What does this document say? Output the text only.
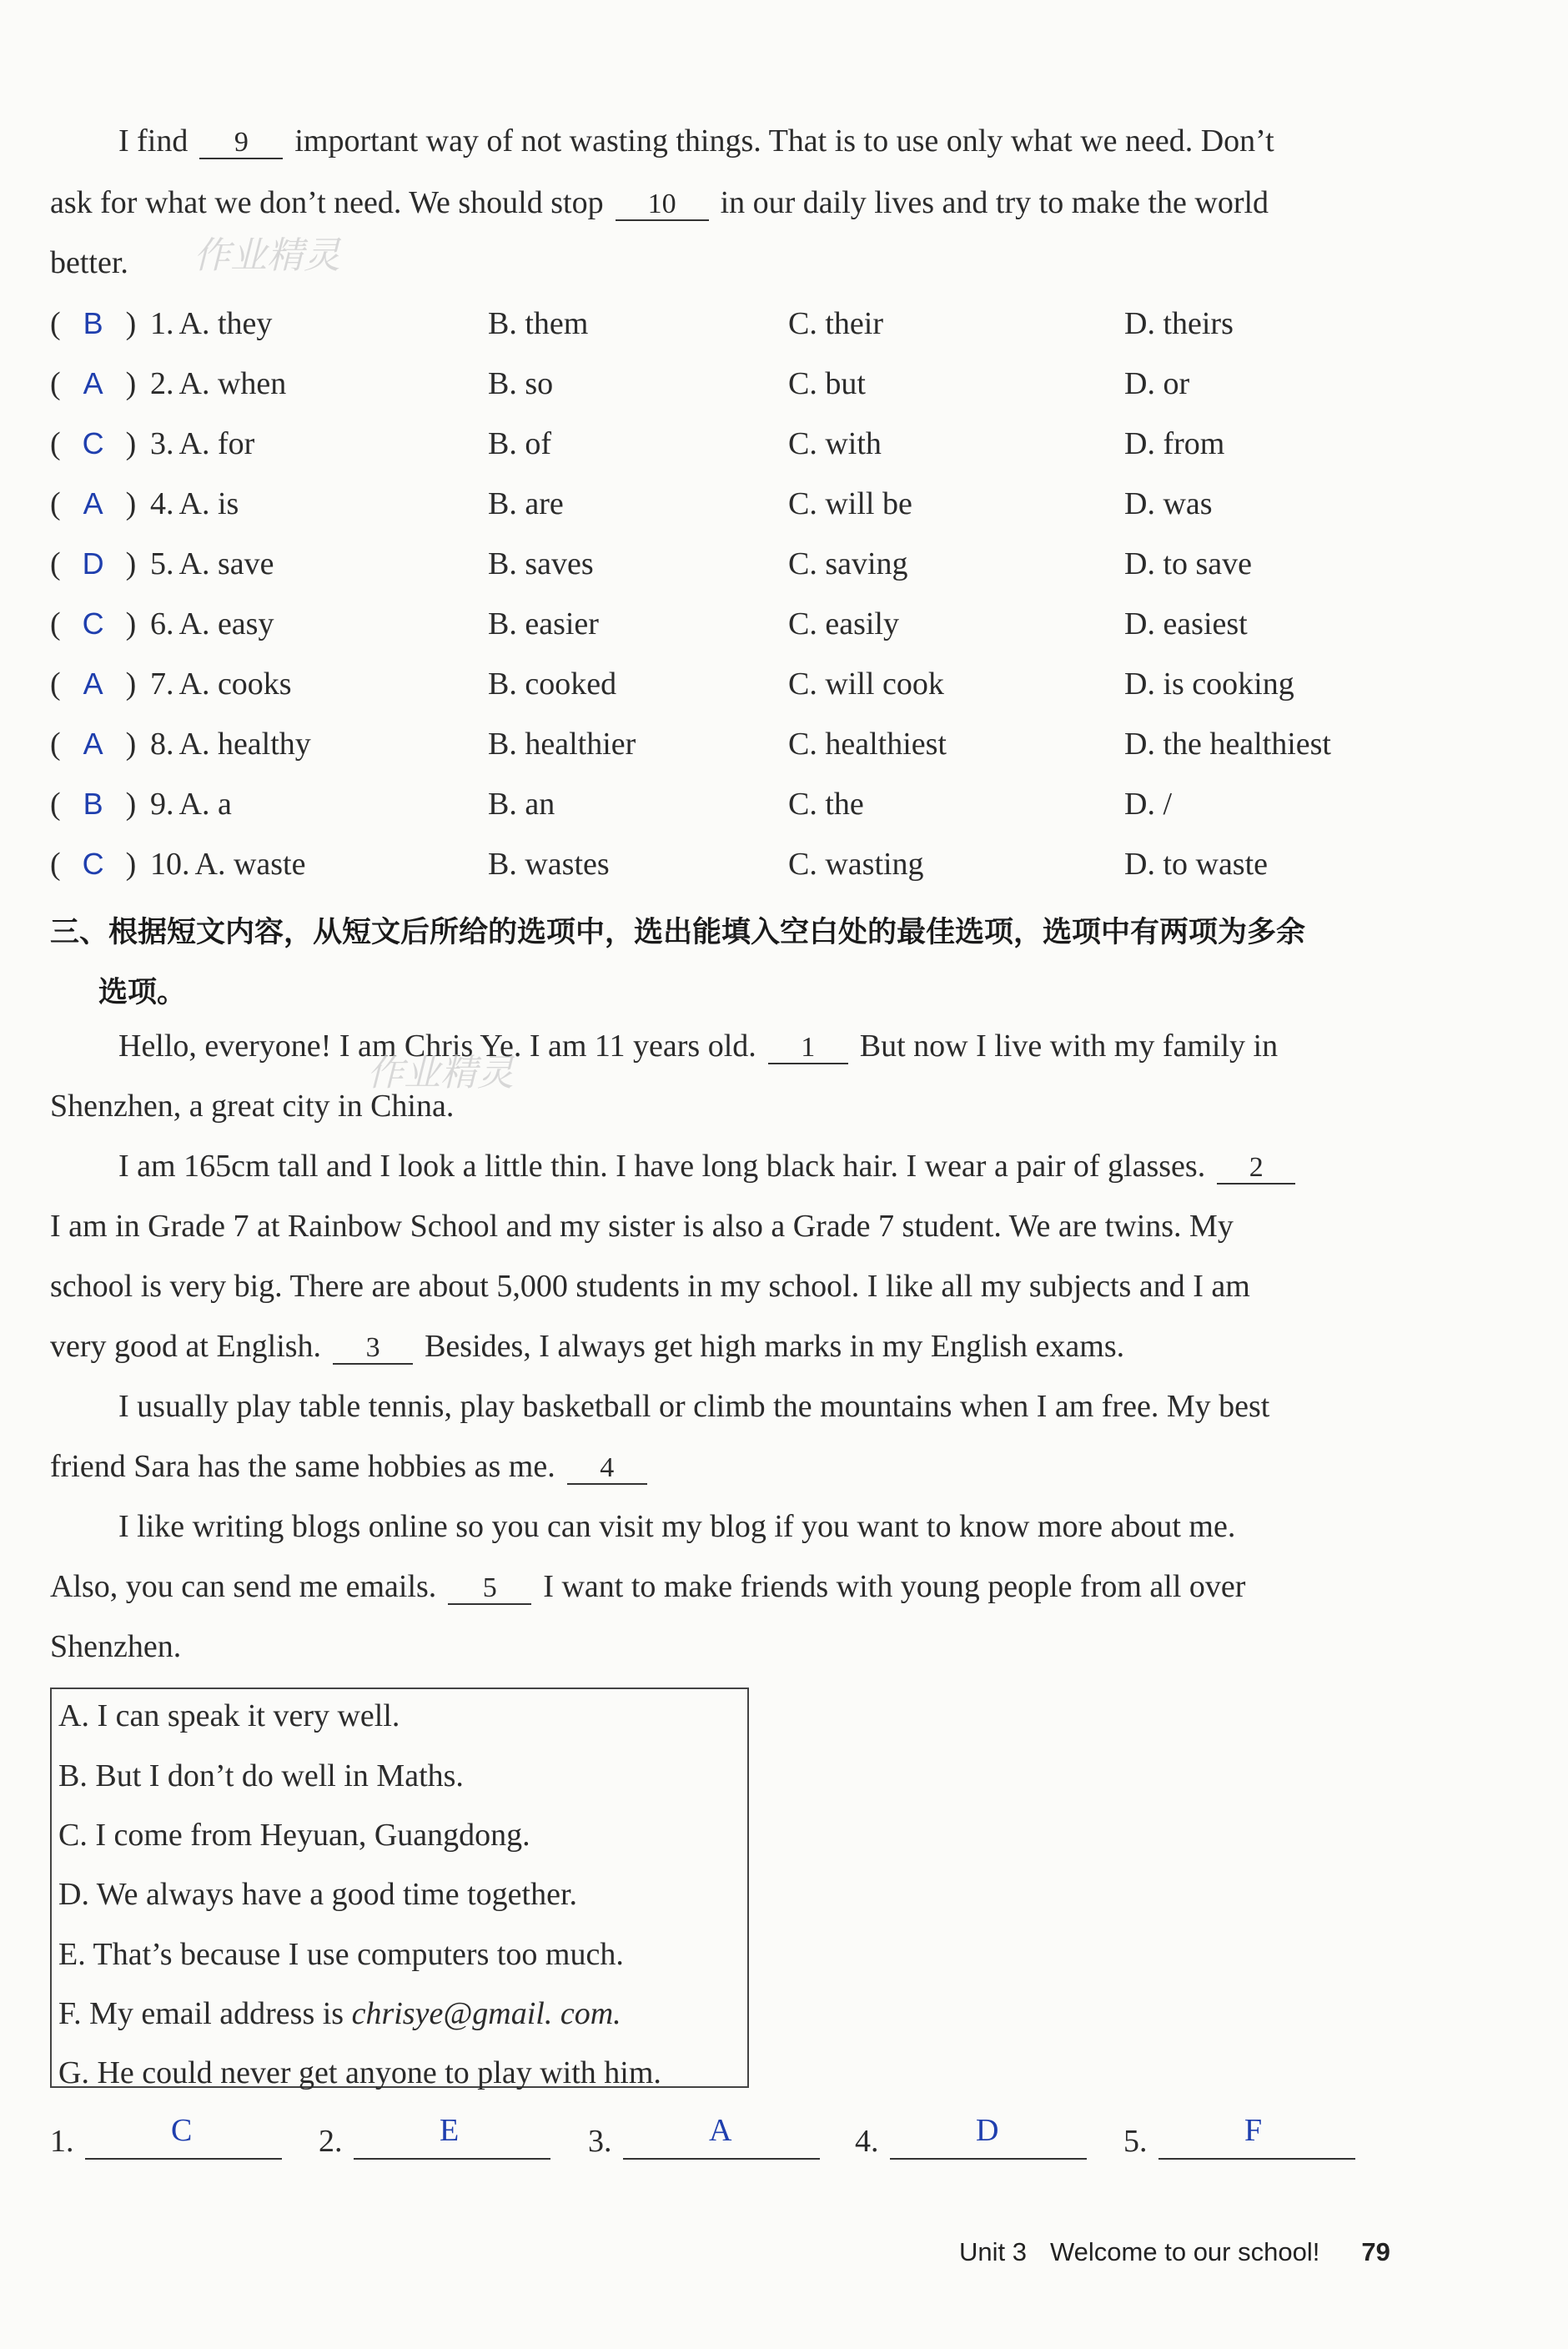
I find 9 important way of not wasting things. That is to use only what we need. Don’t
ask for what we don’t need. We should stop 10 in our daily lives and try to make the world
better. 作业精灵
( B ) 1. A. they	B. them	C. their	D. theirs
( A ) 2. A. when	B. so	C. but	D. or
( C ) 3. A. for	B. of	C. with	D. from
( A ) 4. A. is	B. are	C. will be	D. was
( D ) 5. A. save	B. saves	C. saving	D. to save
( C ) 6. A. easy	B. easier	C. easily	D. easiest
( A ) 7. A. cooks	B. cooked	C. will cook	D. is cooking
( A ) 8. A. healthy	B. healthier	C. healthiest	D. the healthiest
( B ) 9. A. a	B. an	C. the	D. /
( C ) 10. A. waste	B. wastes	C. wasting	D. to waste
三、根据短文内容，从短文后所给的选项中，选出能填入空白处的最佳选项，选项中有两项为多余
选项。
Hello, everyone! I am Chris Ye. I am 11 years old. 1 But now I live with my family in
Shenzhen, a great city in China.
作业精灵
I am 165cm tall and I look a little thin. I have long black hair. I wear a pair of glasses. 2
I am in Grade 7 at Rainbow School and my sister is also a Grade 7 student. We are twins. My
school is very big. There are about 5,000 students in my school. I like all my subjects and I am
very good at English. 3 Besides, I always get high marks in my English exams.
I usually play table tennis, play basketball or climb the mountains when I am free. My best
friend Sara has the same hobbies as me. 4
I like writing blogs online so you can visit my blog if you want to know more about me.
Also, you can send me emails. 5 I want to make friends with young people from all over
Shenzhen.
A. I can speak it very well.
B. But I don’t do well in Maths.
C. I come from Heyuan, Guangdong.
D. We always have a good time together.
E. That’s because I use computers too much.
F. My email address is chrisye@gmail. com.
G. He could never get anyone to play with him.
1.	C	2.	E	3.	A	4.	D	5.	F
Unit 3 Welcome to our school! 79
